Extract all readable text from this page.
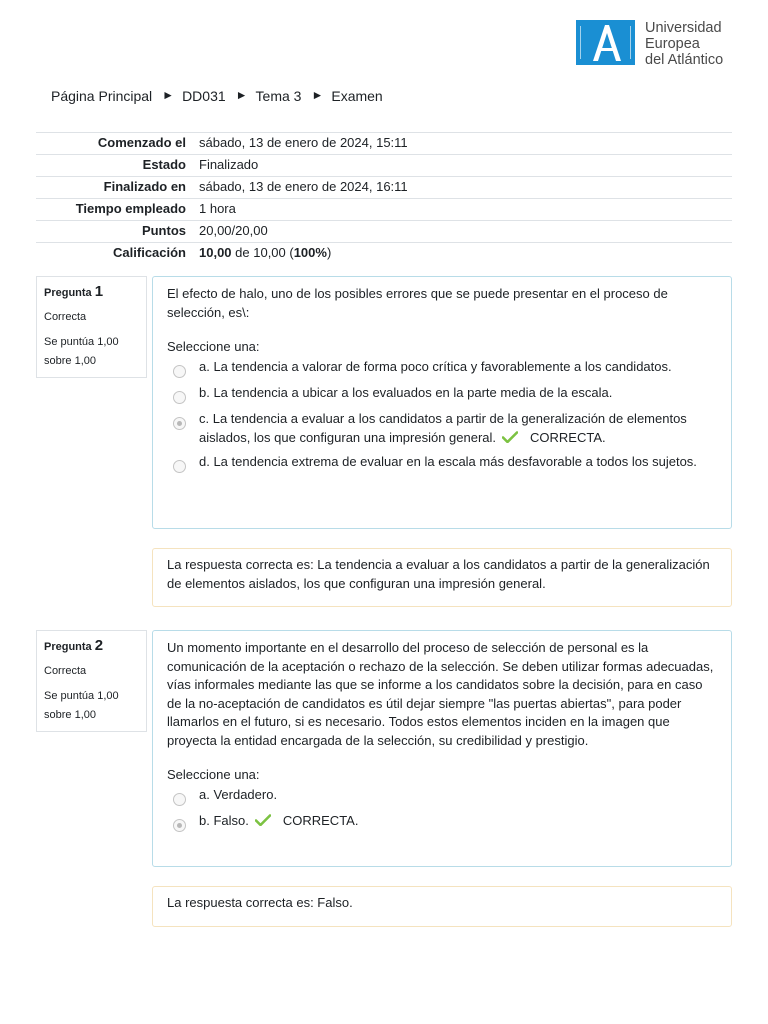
Universidad
Europea
del Atlántico
Página Principal ► DD031 ► Tema 3 ► Examen
Comenzado el	sábado, 13 de enero de 2024, 15:11
Estado	Finalizado
Finalizado en	sábado, 13 de enero de 2024, 16:11
Tiempo empleado	1 hora
Puntos	20,00/20,00
Calificación	10,00 de 10,00 (100%)
Pregunta 1
Correcta
Se puntúa 1,00 sobre 1,00
El efecto de halo, uno de los posibles errores que se puede presentar en el proceso de selección, es\:
Seleccione una:
a. La tendencia a valorar de forma poco crítica y favorablemente a los candidatos.
b. La tendencia a ubicar a los evaluados en la parte media de la escala.
c. La tendencia a evaluar a los candidatos a partir de la generalización de elementos aislados, los que configuran una impresión general.	CORRECTA.
d. La tendencia extrema de evaluar en la escala más desfavorable a todos los sujetos.
La respuesta correcta es: La tendencia a evaluar a los candidatos a partir de la generalización de elementos aislados, los que configuran una impresión general.
Pregunta 2
Correcta
Se puntúa 1,00 sobre 1,00
Un momento importante en el desarrollo del proceso de selección de personal es la comunicación de la aceptación o rechazo de la selección. Se deben utilizar formas adecuadas, vías informales mediante las que se informe a los candidatos sobre la decisión, para en caso de la no-aceptación de candidatos es útil dejar siempre "las puertas abiertas", para poder llamarlos en el futuro, si es necesario. Todos estos elementos inciden en la imagen que proyecta la entidad encargada de la selección, su credibilidad y prestigio.
Seleccione una:
a. Verdadero.
b. Falso.	CORRECTA.
La respuesta correcta es: Falso.
